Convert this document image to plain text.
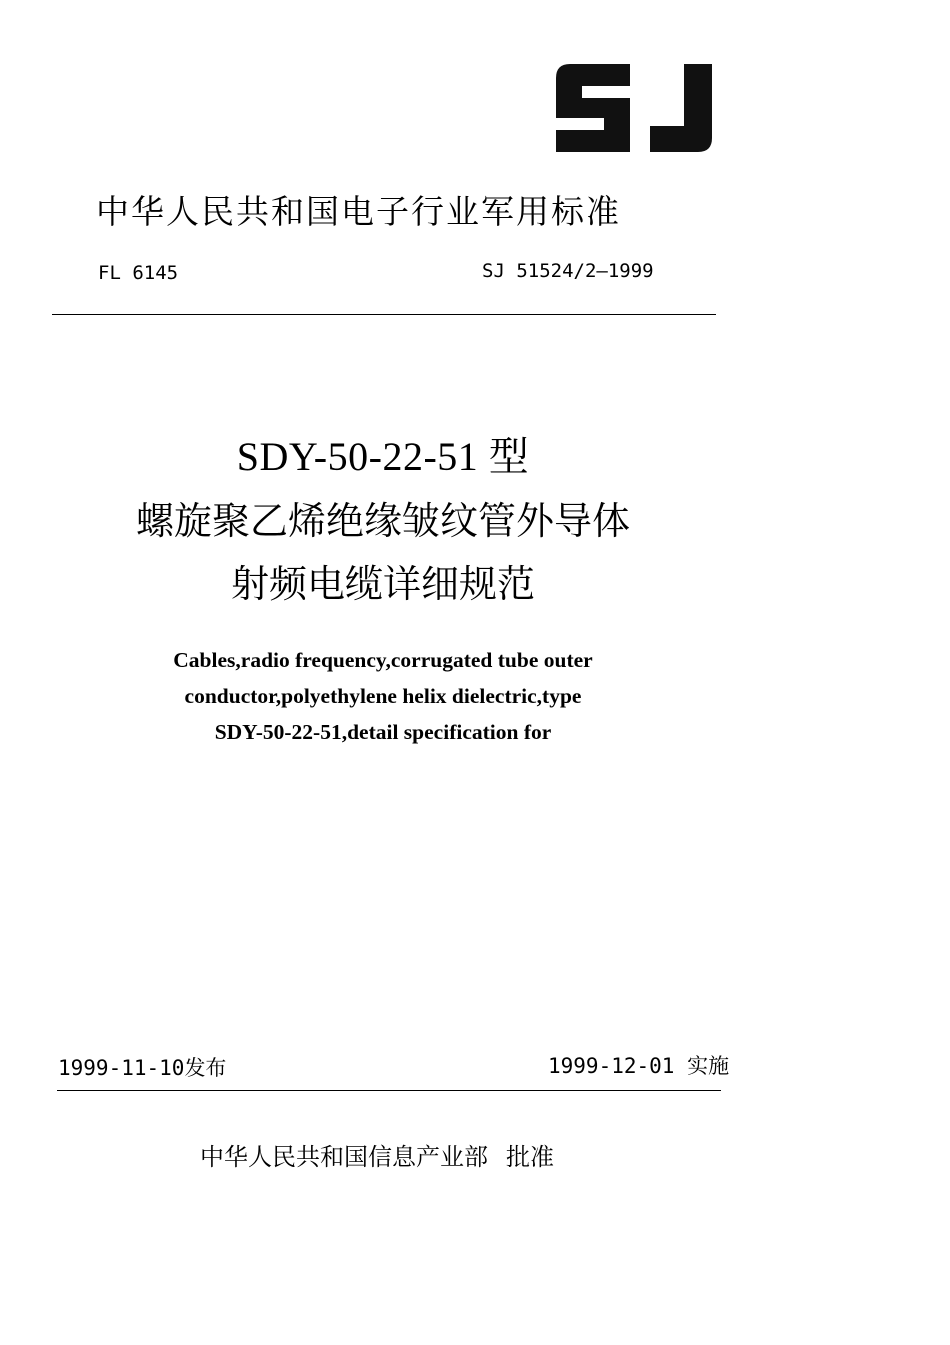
中华人民共和国电子行业军用标准
FL 6145	SJ 51524/2—1999
SDY-50-22-51 型
螺旋聚乙烯绝缘皱纹管外导体
射频电缆详细规范
Cables,radio frequency,corrugated tube outer
conductor,polyethylene helix dielectric,type
SDY-50-22-51,detail specification for
1999-11-10发布	1999-12-01  实施
中华人民共和国信息产业部 批准
